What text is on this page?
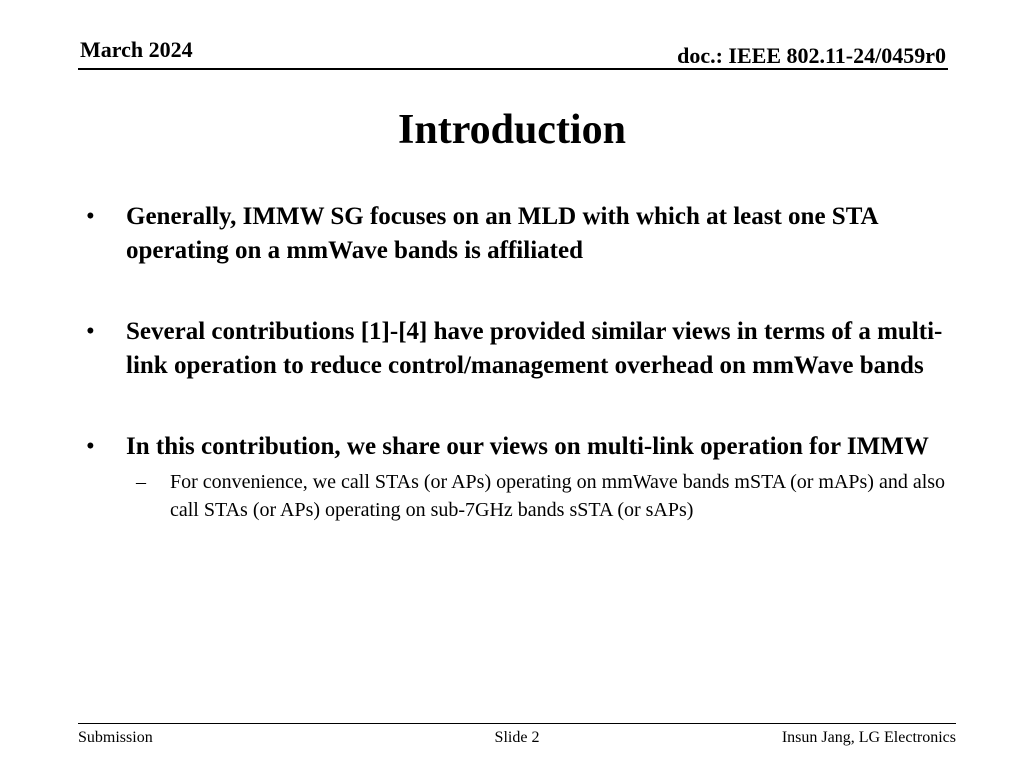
March 2024	doc.: IEEE 802.11-24/0459r0
Introduction
• Generally, IMMW SG focuses on an MLD with which at least one STA operating on a mmWave bands is affiliated
• Several contributions [1]-[4] have provided similar views in terms of a multi-link operation to reduce control/management overhead on mmWave bands
• In this contribution, we share our views on multi-link operation for IMMW
– For convenience, we call STAs (or APs) operating on mmWave bands mSTA (or mAPs) and also call STAs (or APs) operating on sub-7GHz bands sSTA (or sAPs)
Submission	Slide 2	Insun Jang, LG Electronics
